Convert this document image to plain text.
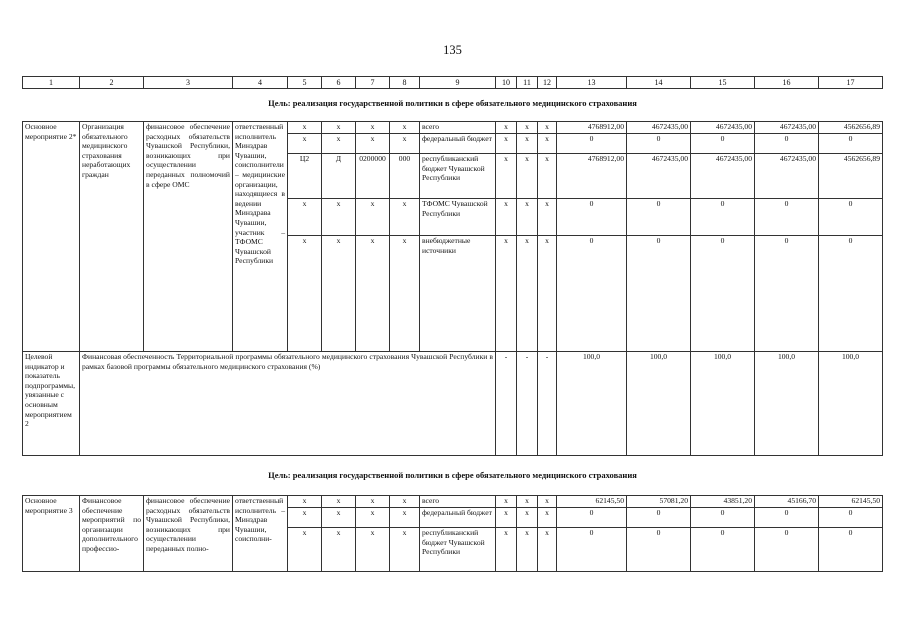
135
1	2	3	4	5	6	7	8	9	10	11	12	13	14	15	16	17

Цель: реализация государственной политики в сфере обязательного медицинского страхования																

Основное мероприятие 2*	Организация обязательного медицинского страхования неработающих граждан	финансовое обеспечение расходных обязательств Чувашской Республики, возникающих при осуществлении переданных полномочий в сфере ОМС	ответственный исполнитель Минздрав Чувашии, соисполнители – медицинские организации, находящиеся в ведении Минздрава Чувашии, участник – ТФОМС Чувашской Республики	x	x	x	x	всего	x	x	x	4768912,00	4672435,00	4672435,00	4672435,00	4562656,89
				x	x	x	x	федеральный бюджет	x	x	x	0	0	0	0	0
				Ц2	Д	0200000	000	республиканский бюджет Чувашской Республики	x	x	x	4768912,00	4672435,00	4672435,00	4672435,00	4562656,89
				x	x	x	x	ТФОМС Чувашской Республики	x	x	x	0	0	0	0	0
				x	x	x	x	внебюджетные источники	x	x	x	0	0	0	0	0
Целевой индикатор и показатель подпрограммы, увязанные с основным мероприятием 2	Финансовая обеспеченность Территориальной программы обязательного медицинского страхования Чувашской Республики в рамках базовой программы обязательного медицинского страхования (%)								-	-	-	100,0	100,0	100,0	100,0	100,0

Цель: реализация государственной политики в сфере обязательного медицинского страхования																

Основное мероприятие 3	Финансовое обеспечение мероприятий по организации дополнительного профессио-	финансовое обеспечение расходных обязательств Чувашской Республики, возникающих при осуществлении переданных полно-	ответственный исполнитель – Минздрав Чувашии, соисполни-	x	x	x	x	всего	x	x	x	62145,50	57081,20	43851,20	45166,70	62145,50
				x	x	x	x	федеральный бюджет	x	x	x	0	0	0	0	0
				x	x	x	x	республиканский бюджет Чувашской Республики	x	x	x	0	0	0	0	0
